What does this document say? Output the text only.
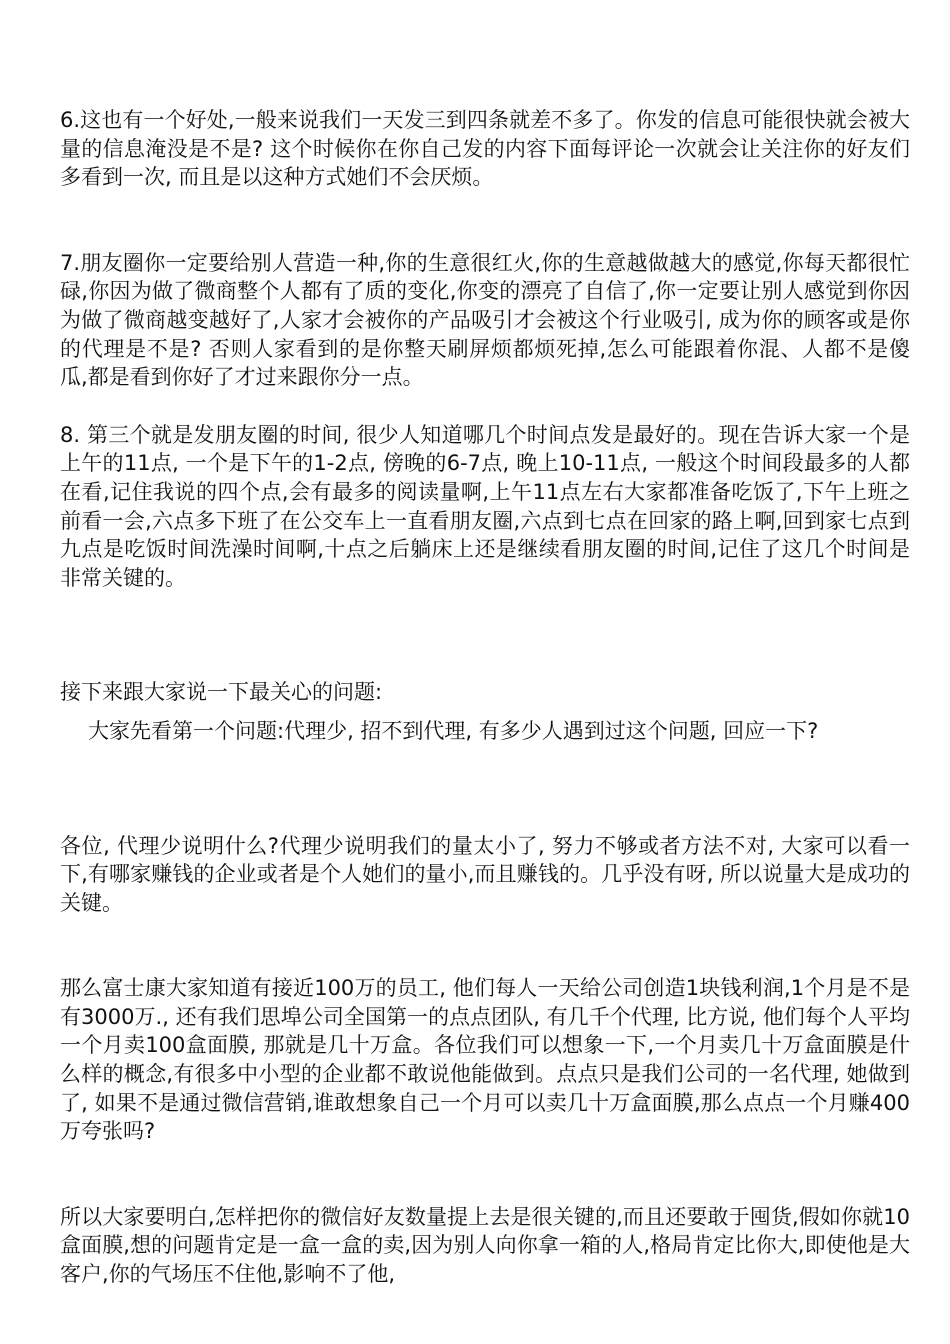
6.这也有一个好处,一般来说我们一天发三到四条就差不多了。你发的信息可能很快就会被大量的信息淹没是不是? 这个时候你在你自己发的内容下面每评论一次就会让关注你的好友们多看到一次, 而且是以这种方式她们不会厌烦。

7.朋友圈你一定要给别人营造一种,你的生意很红火,你的生意越做越大的感觉,你每天都很忙碌,你因为做了微商整个人都有了质的变化,你变的漂亮了自信了,你一定要让别人感觉到你因为做了微商越变越好了,人家才会被你的产品吸引才会被这个行业吸引, 成为你的顾客或是你的代理是不是? 否则人家看到的是你整天刷屏烦都烦死掉,怎么可能跟着你混、人都不是傻瓜,都是看到你好了才过来跟你分一点。

8. 第三个就是发朋友圈的时间, 很少人知道哪几个时间点发是最好的。现在告诉大家一个是上午的11点, 一个是下午的1-2点, 傍晚的6-7点, 晚上10-11点, 一般这个时间段最多的人都在看,记住我说的四个点,会有最多的阅读量啊,上午11点左右大家都准备吃饭了,下午上班之前看一会,六点多下班了在公交车上一直看朋友圈,六点到七点在回家的路上啊,回到家七点到九点是吃饭时间洗澡时间啊,十点之后躺床上还是继续看朋友圈的时间,记住了这几个时间是非常关键的。

接下来跟大家说一下最关心的问题:

大家先看第一个问题:代理少, 招不到代理, 有多少人遇到过这个问题, 回应一下?

各位, 代理少说明什么?代理少说明我们的量太小了, 努力不够或者方法不对, 大家可以看一下,有哪家赚钱的企业或者是个人她们的量小,而且赚钱的。几乎没有呀, 所以说量大是成功的关键。

那么富士康大家知道有接近100万的员工, 他们每人一天给公司创造1块钱利润,1个月是不是有3000万., 还有我们思埠公司全国第一的点点团队, 有几千个代理, 比方说, 他们每个人平均一个月卖100盒面膜, 那就是几十万盒。各位我们可以想象一下,一个月卖几十万盒面膜是什么样的概念,有很多中小型的企业都不敢说他能做到。点点只是我们公司的一名代理, 她做到了, 如果不是通过微信营销,谁敢想象自己一个月可以卖几十万盒面膜,那么点点一个月赚400万夸张吗?

所以大家要明白,怎样把你的微信好友数量提上去是很关键的,而且还要敢于囤货,假如你就10盒面膜,想的问题肯定是一盒一盒的卖,因为别人向你拿一箱的人,格局肯定比你大,即使他是大客户,你的气场压不住他,影响不了他,
